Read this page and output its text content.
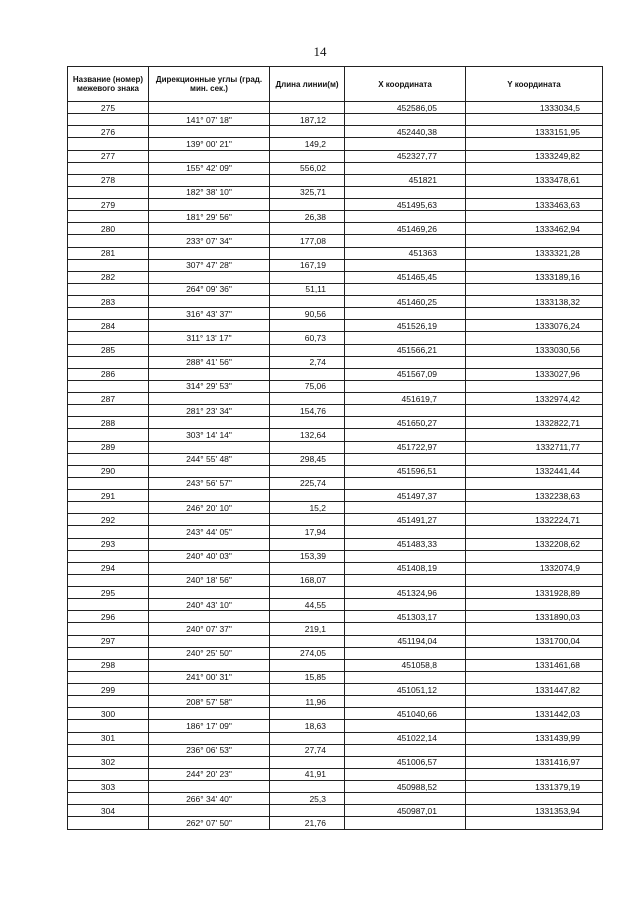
14
Название (номер) межевого знака	Дирекционные углы (град. мин. сек.)	Длина линии(м)	X координата	Y координата
275			452586,05	1333034,5
	141° 07' 18"	187,12		
276			452440,38	1333151,95
	139° 00' 21"	149,2		
277			452327,77	1333249,82
	155° 42' 09"	556,02		
278			451821	1333478,61
	182° 38' 10"	325,71		
279			451495,63	1333463,63
	181° 29' 56"	26,38		
280			451469,26	1333462,94
	233° 07' 34"	177,08		
281			451363	1333321,28
	307° 47' 28"	167,19		
282			451465,45	1333189,16
	264° 09' 36"	51,11		
283			451460,25	1333138,32
	316° 43' 37"	90,56		
284			451526,19	1333076,24
	311° 13' 17"	60,73		
285			451566,21	1333030,56
	288° 41' 56"	2,74		
286			451567,09	1333027,96
	314° 29' 53"	75,06		
287			451619,7	1332974,42
	281° 23' 34"	154,76		
288			451650,27	1332822,71
	303° 14' 14"	132,64		
289			451722,97	1332711,77
	244° 55' 48"	298,45		
290			451596,51	1332441,44
	243° 56' 57"	225,74		
291			451497,37	1332238,63
	246° 20' 10"	15,2		
292			451491,27	1332224,71
	243° 44' 05"	17,94		
293			451483,33	1332208,62
	240° 40' 03"	153,39		
294			451408,19	1332074,9
	240° 18' 56"	168,07		
295			451324,96	1331928,89
	240° 43' 10"	44,55		
296			451303,17	1331890,03
	240° 07' 37"	219,1		
297			451194,04	1331700,04
	240° 25' 50"	274,05		
298			451058,8	1331461,68
	241° 00' 31"	15,85		
299			451051,12	1331447,82
	208° 57' 58"	11,96		
300			451040,66	1331442,03
	186° 17' 09"	18,63		
301			451022,14	1331439,99
	236° 06' 53"	27,74		
302			451006,57	1331416,97
	244° 20' 23"	41,91		
303			450988,52	1331379,19
	266° 34' 40"	25,3		
304			450987,01	1331353,94
	262° 07' 50"	21,76		
